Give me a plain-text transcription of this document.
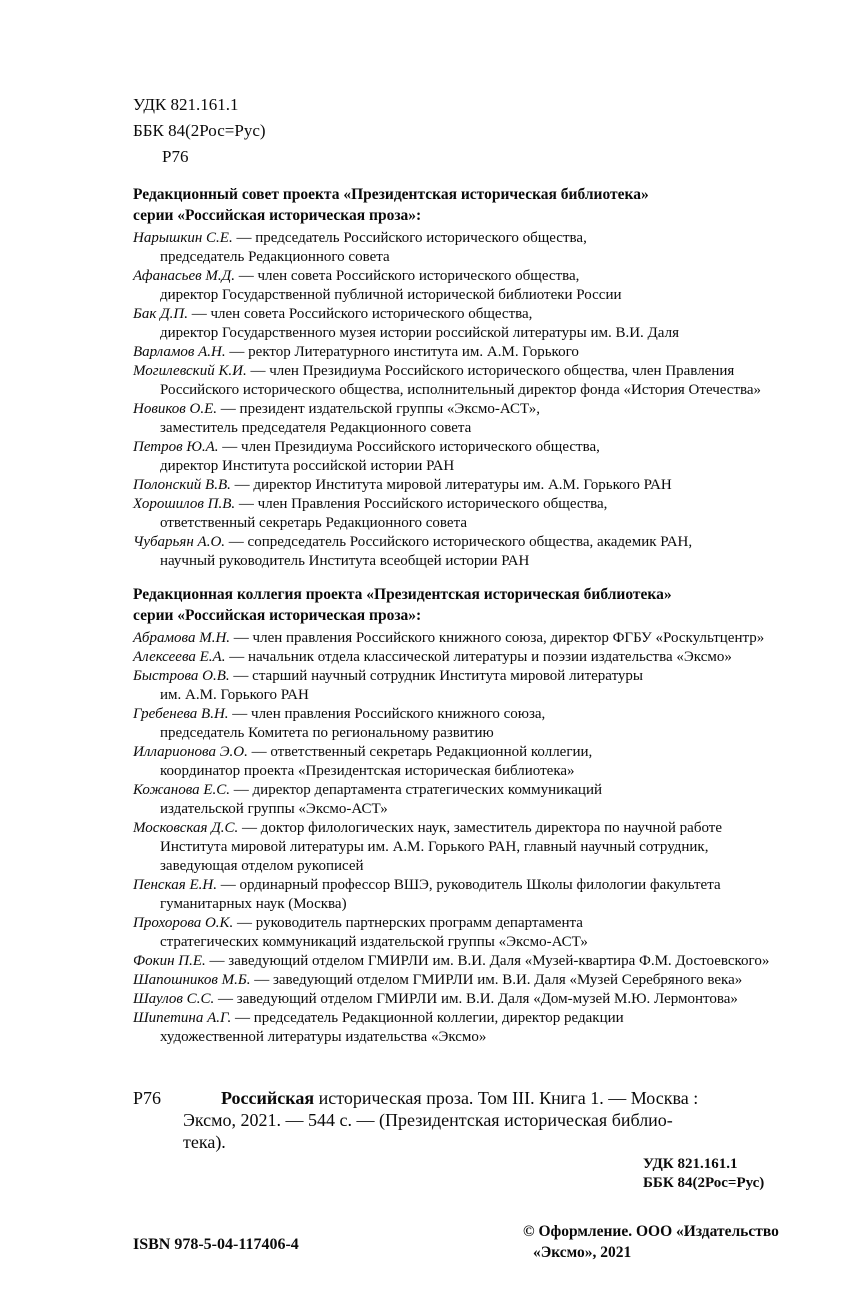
УДК 821.161.1
ББК 84(2Рос=Рус)
Р76
Редакционный совет проекта «Президентская историческая библиотека»
серии «Российская историческая проза»:
Нарышкин С.Е. — председатель Российского исторического общества,
председатель Редакционного совета
Афанасьев М.Д. — член совета Российского исторического общества,
директор Государственной публичной исторической библиотеки России
Бак Д.П. — член совета Российского исторического общества,
директор Государственного музея истории российской литературы им. В.И. Даля
Варламов А.Н. — ректор Литературного института им. А.М. Горького
Могилевский К.И. — член Президиума Российского исторического общества, член Правления
Российского исторического общества, исполнительный директор фонда «История Отечества»
Новиков О.Е. — президент издательской группы «Эксмо-АСТ»,
заместитель председателя Редакционного совета
Петров Ю.А. — член Президиума Российского исторического общества,
директор Института российской истории РАН
Полонский В.В. — директор Института мировой литературы им. А.М. Горького РАН
Хорошилов П.В. — член Правления Российского исторического общества,
ответственный секретарь Редакционного совета
Чубарьян А.О. — сопредседатель Российского исторического общества, академик РАН,
научный руководитель Института всеобщей истории РАН
Редакционная коллегия проекта «Президентская историческая библиотека»
серии «Российская историческая проза»:
Абрамова М.Н. — член правления Российского книжного союза, директор ФГБУ «Роскультцентр»
Алексеева Е.А. — начальник отдела классической литературы и поэзии издательства «Эксмо»
Быстрова О.В. — старший научный сотрудник Института мировой литературы
им. А.М. Горького РАН
Гребенева В.Н. — член правления Российского книжного союза,
председатель Комитета по региональному развитию
Илларионова Э.О. — ответственный секретарь Редакционной коллегии,
координатор проекта «Президентская историческая библиотека»
Кожанова Е.С. — директор департамента стратегических коммуникаций
издательской группы «Эксмо-АСТ»
Московская Д.С. — доктор филологических наук, заместитель директора по научной работе
Института мировой литературы им. А.М. Горького РАН, главный научный сотрудник,
заведующая отделом рукописей
Пенская Е.Н. — ординарный профессор ВШЭ, руководитель Школы филологии факультета
гуманитарных наук (Москва)
Прохорова О.К. — руководитель партнерских программ департамента
стратегических коммуникаций издательской группы «Эксмо-АСТ»
Фокин П.Е. — заведующий отделом ГМИРЛИ им. В.И. Даля «Музей-квартира Ф.М. Достоевского»
Шапошников М.Б. — заведующий отделом ГМИРЛИ им. В.И. Даля «Музей Серебряного века»
Шаулов С.С. — заведующий отделом ГМИРЛИ им. В.И. Даля «Дом-музей М.Ю. Лермонтова»
Шипетина А.Г. — председатель Редакционной коллегии, директор редакции
художественной литературы издательства «Эксмо»
Р76	Российская историческая проза. Том III. Книга 1. — Москва :
Эксмо, 2021. — 544 с. — (Президентская историческая библио-
тека).
УДК 821.161.1
ББК 84(2Рос=Рус)
ISBN 978-5-04-117406-4
© Оформление. ООО «Издательство «Эксмо», 2021
